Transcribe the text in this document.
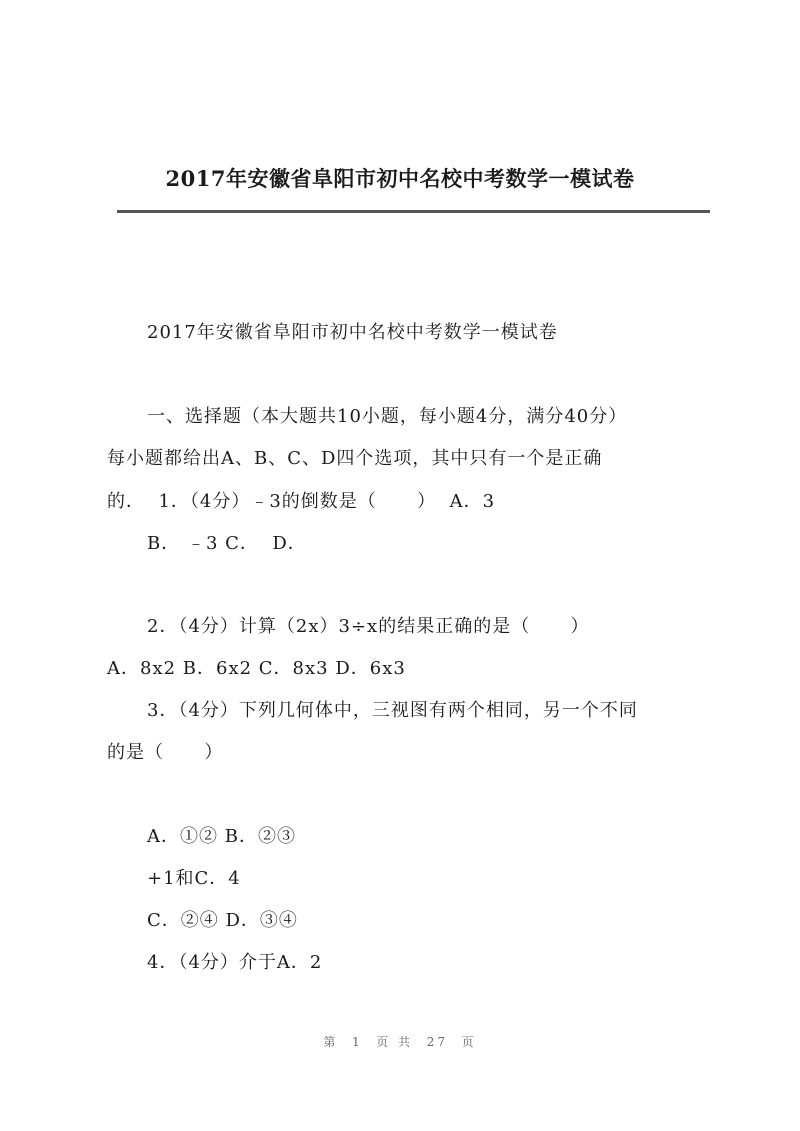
2017年安徽省阜阳市初中名校中考数学一模试卷
2017年安徽省阜阳市初中名校中考数学一模试卷
一、选择题（本大题共10小题，每小题4分，满分40分）
每小题都给出A、B、C、D四个选项，其中只有一个是正确
的．  1．（4分）﹣3的倒数是（      ）  A．3
B． ﹣3 C．  D．
2．（4分）计算（2x）3÷x的结果正确的是（      ）
A．8x2 B．6x2 C．8x3 D．6x3
3．（4分）下列几何体中，三视图有两个相同，另一个不同
的是（      ）
A．①② B．②③
+1和C．4
C．②④ D．③④
4．（4分）介于A．2
第  1  页 共  27  页
